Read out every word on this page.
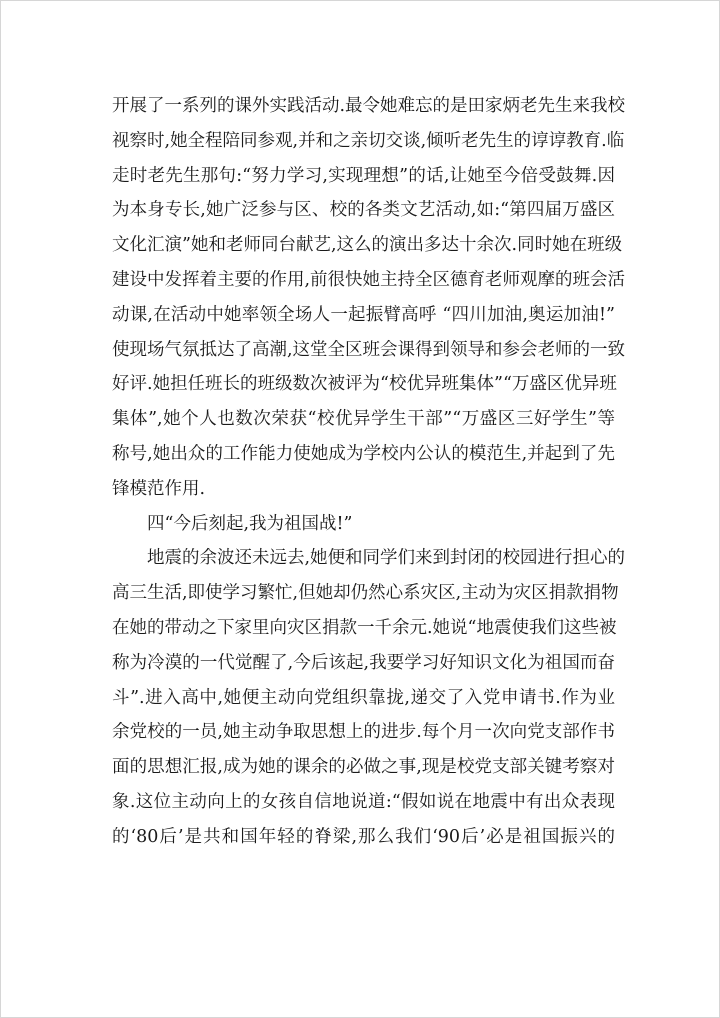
开展了一系列的课外实践活动.最令她难忘的是田家炳老先生来我校
视察时,她全程陪同参观,并和之亲切交谈,倾听老先生的谆谆教育.临
走时老先生那句:“努力学习,实现理想”的话,让她至今倍受鼓舞.因
为本身专长,她广泛参与区、校的各类文艺活动,如:“第四届万盛区
文化汇演”她和老师同台献艺,这么的演出多达十余次.同时她在班级
建设中发挥着主要的作用,前很快她主持全区德育老师观摩的班会活
动课,在活动中她率领全场人一起振臂高呼 “四川加油,奥运加油!”
使现场气氛抵达了高潮,这堂全区班会课得到领导和参会老师的一致
好评.她担任班长的班级数次被评为“校优异班集体”“万盛区优异班
集体”,她个人也数次荣获“校优异学生干部”“万盛区三好学生”等
称号,她出众的工作能力使她成为学校内公认的模范生,并起到了先
锋模范作用.
四“今后刻起,我为祖国战!”
地震的余波还未远去,她便和同学们来到封闭的校园进行担心的
高三生活,即使学习繁忙,但她却仍然心系灾区,主动为灾区捐款捐物
在她的带动之下家里向灾区捐款一千余元.她说“地震使我们这些被
称为冷漠的一代觉醒了,今后该起,我要学习好知识文化为祖国而奋
斗”.进入高中,她便主动向党组织靠拢,递交了入党申请书.作为业
余党校的一员,她主动争取思想上的进步.每个月一次向党支部作书
面的思想汇报,成为她的课余的必做之事,现是校党支部关键考察对
象.这位主动向上的女孩自信地说道:“假如说在地震中有出众表现
的‘80后’是共和国年轻的脊梁,那么我们‘90后’必是祖国振兴的
